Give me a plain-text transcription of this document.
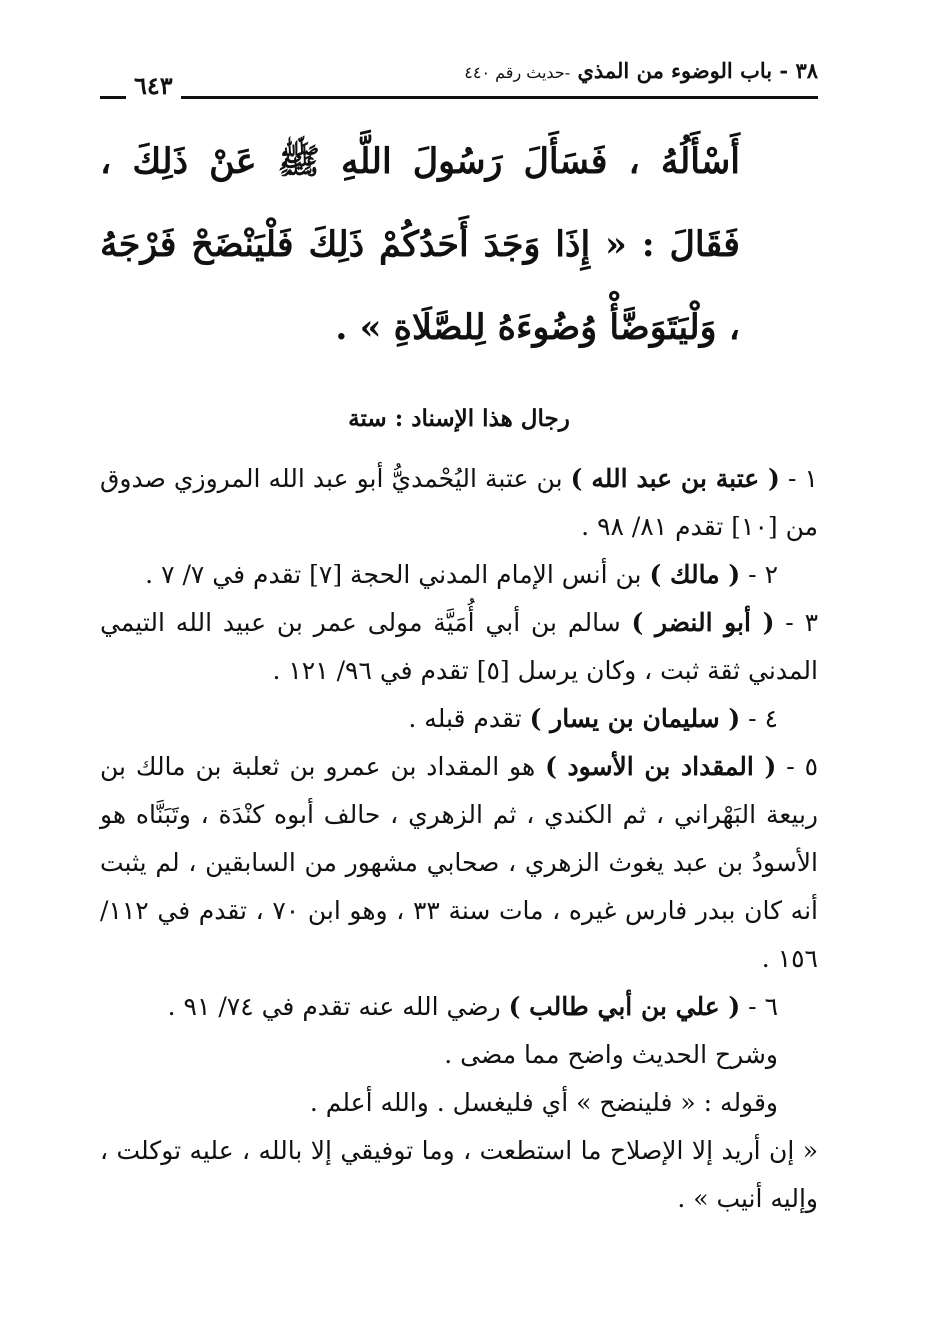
٣٨ - باب الوضوء من المذي -حديث رقم ٤٤٠
٦٤٣
أَسْأَلُهُ ، فَسَأَلَ رَسُولَ اللَّهِ ﷺ عَنْ ذَلِكَ ، فَقَالَ : « إِذَا وَجَدَ أَحَدُكُمْ ذَلِكَ فَلْيَنْضَحْ فَرْجَهُ ، وَلْيَتَوَضَّأْ وُضُوءَهُ لِلصَّلَاةِ » .
رجال هذا الإسناد : ستة

١ - ( عتبة بن عبد الله ) بن عتبة اليُحْمديُّ أبو عبد الله المروزي صدوق من [١٠] تقدم ٨١/ ٩٨ .

٢ - ( مالك ) بن أنس الإمام المدني الحجة [٧] تقدم في ٧/ ٧ .

٣ - ( أبو النضر ) سالم بن أبي أُمَيَّة مولى عمر بن عبيد الله التيمي المدني ثقة ثبت ، وكان يرسل [٥] تقدم في ٩٦/ ١٢١ .

٤ - ( سليمان بن يسار ) تقدم قبله .

٥ - ( المقداد بن الأسود ) هو المقداد بن عمرو بن ثعلبة بن مالك بن ربيعة البَهْراني ، ثم الكندي ، ثم الزهري ، حالف أبوه كنْدَة ، وتَبَنَّاه هو الأسودُ بن عبد يغوث الزهري ، صحابي مشهور من السابقين ، لم يثبت أنه كان ببدر فارس غيره ، مات سنة ٣٣ ، وهو ابن ٧٠ ، تقدم في ١١٢/ ١٥٦ .

٦ - ( علي بن أبي طالب ) رضي الله عنه تقدم في ٧٤/ ٩١ .

وشرح الحديث واضح مما مضى .

وقوله : « فلينضح » أي فليغسل . والله أعلم .

« إن أريد إلا الإصلاح ما استطعت ، وما توفيقي إلا بالله ، عليه توكلت ، وإليه أنيب » .
